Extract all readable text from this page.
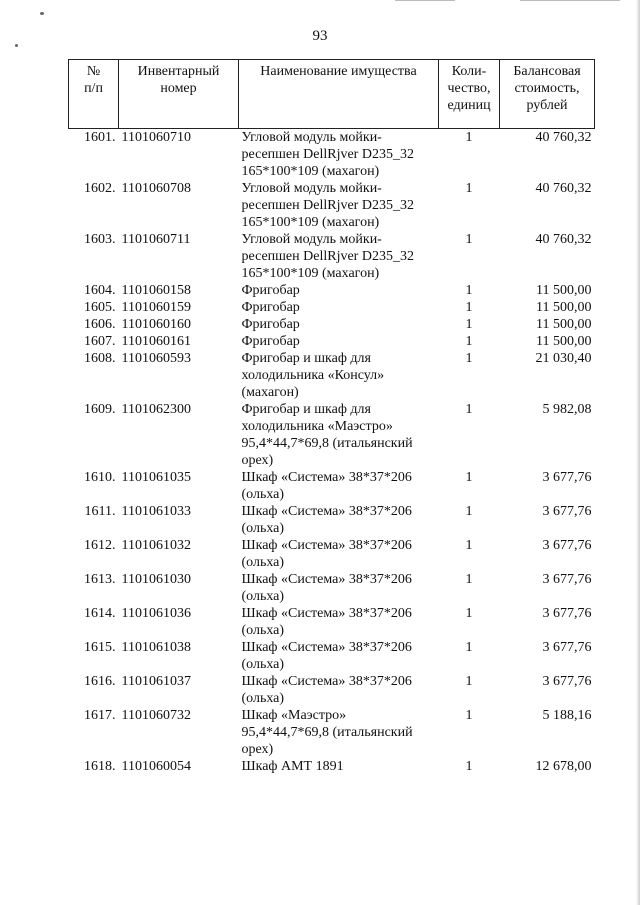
93
№
п/п	Инвентарный
номер	Наименование имущества	Коли-
чество,
единиц	Балансовая
стоимость,
рублей

1601.	1101060710	Угловой модуль мойки-
ресепшен DellRjver D235_32
165*100*109 (махагон)	1	40 760,32
1602.	1101060708	Угловой модуль мойки-
ресепшен DellRjver D235_32
165*100*109 (махагон)	1	40 760,32
1603.	1101060711	Угловой модуль мойки-
ресепшен DellRjver D235_32
165*100*109 (махагон)	1	40 760,32
1604.	1101060158	Фригобар	1	11 500,00
1605.	1101060159	Фригобар	1	11 500,00
1606.	1101060160	Фригобар	1	11 500,00
1607.	1101060161	Фригобар	1	11 500,00
1608.	1101060593	Фригобар и шкаф для
холодильника «Консул»
(махагон)	1	21 030,40
1609.	1101062300	Фригобар и шкаф для
холодильника «Маэстро»
95,4*44,7*69,8 (итальянский
орех)	1	5 982,08
1610.	1101061035	Шкаф «Система» 38*37*206
(ольха)	1	3 677,76
1611.	1101061033	Шкаф «Система» 38*37*206
(ольха)	1	3 677,76
1612.	1101061032	Шкаф «Система» 38*37*206
(ольха)	1	3 677,76
1613.	1101061030	Шкаф «Система» 38*37*206
(ольха)	1	3 677,76
1614.	1101061036	Шкаф «Система» 38*37*206
(ольха)	1	3 677,76
1615.	1101061038	Шкаф «Система» 38*37*206
(ольха)	1	3 677,76
1616.	1101061037	Шкаф «Система» 38*37*206
(ольха)	1	3 677,76
1617.	1101060732	Шкаф «Маэстро»
95,4*44,7*69,8 (итальянский
орех)	1	5 188,16
1618.	1101060054	Шкаф АМТ 1891	1	12 678,00
